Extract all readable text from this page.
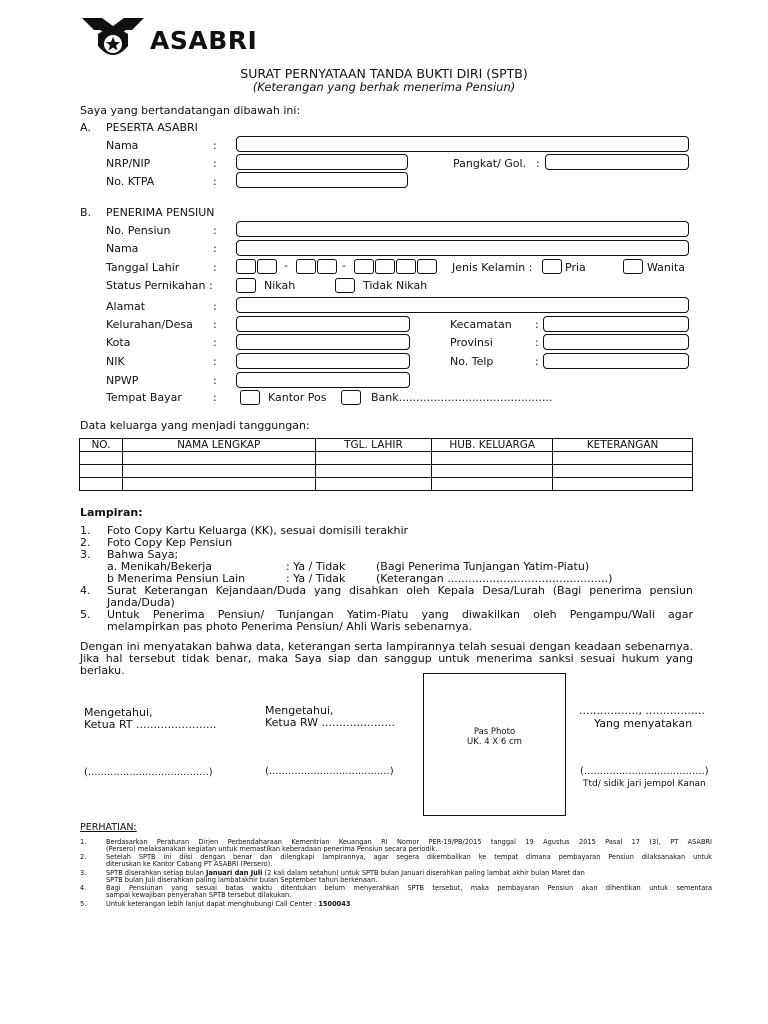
ASABRI
SURAT PERNYATAAN TANDA BUKTI DIRI (SPTB)
(Keterangan yang berhak menerima Pensiun)
Saya yang bertandatangan dibawah ini:
A. PESERTA ASABRI
Nama	:
NRP/NIP	:	Pangkat/ Gol. :
No. KTPA	:
B. PENERIMA PENSIUN
No. Pensiun	:
Nama	:
Tanggal Lahir	:	-	-	Jenis Kelamin :	Pria	Wanita
Status Pernikahan :	Nikah	Tidak Nikah
Alamat	:
Kelurahan/Desa :	Kecamatan :
Kota	:	Provinsi	:
NIK	:	No. Telp	:
NPWP	:
Tempat Bayar	:	Kantor Pos	Bank............................................
Data keluarga yang menjadi tanggungan:
NO.	NAMA LENGKAP	TGL. LAHIR	HUB. KELUARGA	KETERANGAN

Lampiran:
1. Foto Copy Kartu Keluarga (KK), sesuai domisili terakhir
2. Foto Copy Kep Pensiun
3. Bahwa Saya;
a. Menikah/Bekerja	: Ya / Tidak	(Bagi Penerima Tunjangan Yatim-Piatu)
b Menerima Pensiun Lain	: Ya / Tidak	(Keterangan ..............................................)
4. Surat Keterangan Kejandaan/Duda yang disahkan oleh Kepala Desa/Lurah (Bagi penerima pensiun
Janda/Duda)
5. Untuk Penerima Pensiun/ Tunjangan Yatim-Piatu yang diwakilkan oleh Pengampu/Wali agar
melampirkan pas photo Penerima Pensiun/ Ahli Waris sebenarnya.
Dengan ini menyatakan bahwa data, keterangan serta lampirannya telah sesuai dengan keadaan sebenarnya.
Jika hal tersebut tidak benar, maka Saya siap dan sanggup untuk menerima sanksi sesuai hukum yang
berlaku.
Mengetahui,
Ketua RT .......................
(......................................)
Mengetahui,
Ketua RW .....................
(......................................)
Pas Photo
UK. 4 X 6 cm
................., .................
Yang menyatakan
(......................................)
Ttd/ sidik jari jempol Kanan
PERHATIAN:
1.	Berdasarkan Peraturan Dirjen Perbendaharaan Kementrian Keuangan RI Nomor PER-19/PB/2015 tanggal 19 Agustus 2015 Pasal 17 (3), PT ASABRI
(Persero) melaksanakan kegiatan untuk memastikan keberadaan penerima Pensiun secara periodik.
2.	Setelah SPTB ini diisi dengan benar dan dilengkapi lampirannya, agar segera dikembalikan ke tempat dimana pembayaran Pensiun dilaksanakan untuk
diteruskan ke Kantor Cabang PT ASABRI (Persero).
3.	SPTB diserahkan setiap bulan Januari dan Juli (2 kali dalam setahun) untuk SPTB bulan Januari diserahkan paling lambat akhir bulan Maret dan
SPTB bulan Juli diserahkan paling lambatakhir bulan September tahun berkenaan.
4.	Bagi Pensiunan yang sesuai batas waktu ditentukan belum menyerahkan SPTB tersebut, maka pembayaran Pensiun akan dihentikan untuk sementara
sampai kewajiban penyerahan SPTB tersebut dilakukan.
5.	Untuk keterangan lebih lanjut dapat menghubungi Call Center : 1500043
